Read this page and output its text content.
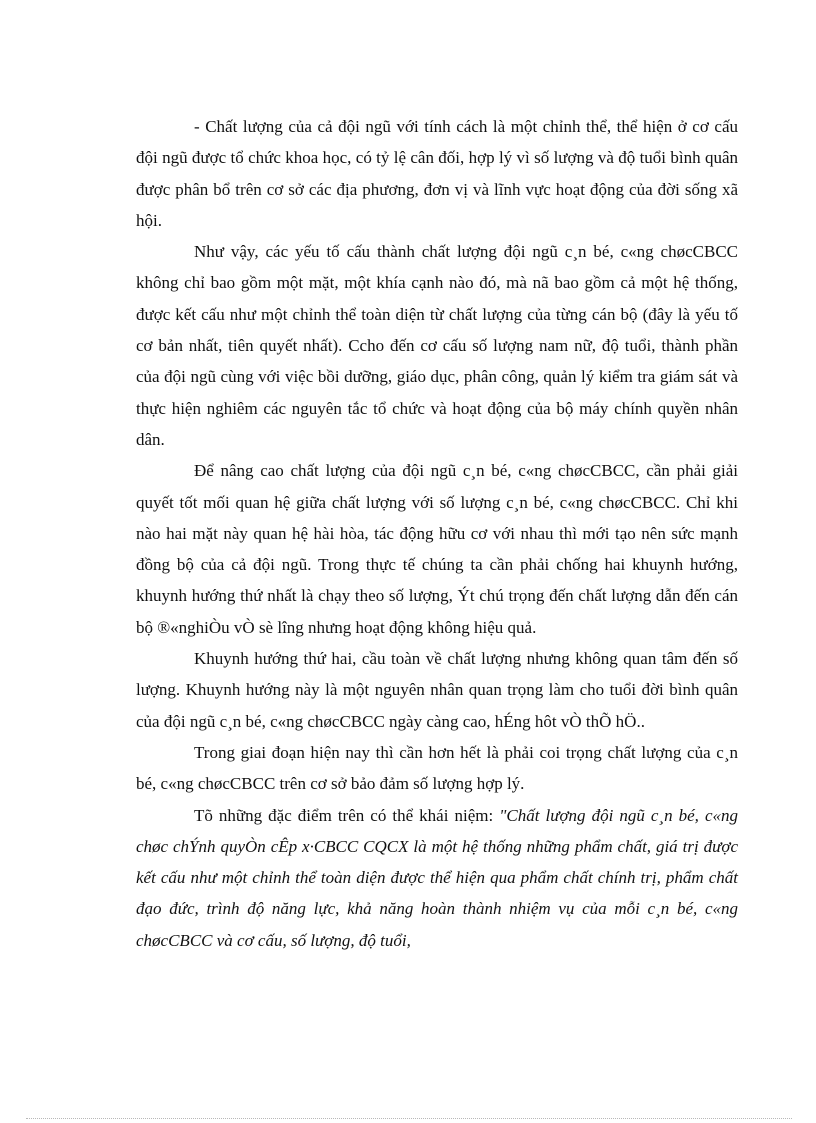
- Chất lượng của cả đội ngũ với tính cách là một chỉnh thể, thể hiện ở cơ cấu đội ngũ được tổ chức khoa học, có tỷ lệ cân đối, hợp lý vì số lượng và độ tuổi bình quân được phân bổ trên cơ sở các địa phương, đơn vị và lĩnh vực hoạt động của đời sống xã hội.

Như vậy, các yếu tố cấu thành chất lượng đội ngũ c¸n bé, c«ng chøcCBCC không chỉ bao gồm một mặt, một khía cạnh nào đó, mà nã bao gồm cả một hệ thống, được kết cấu như một chỉnh thể toàn diện từ chất lượng của từng cán bộ (đây là yếu tố cơ bản nhất, tiên quyết nhất). Ccho đến cơ cấu số lượng nam nữ, độ tuổi, thành phần của đội ngũ cùng với việc bồi dưỡng, giáo dục, phân công, quản lý kiểm tra giám sát và thực hiện nghiêm các nguyên tắc tổ chức và hoạt động của bộ máy chính quyền nhân dân.

Để nâng cao chất lượng của đội ngũ c¸n bé, c«ng chøcCBCC, cần phải giải quyết tốt mối quan hệ giữa chất lượng với số lượng c¸n bé, c«ng chøcCBCC. Chỉ khi nào hai mặt này quan hệ hài hòa, tác động hữu cơ với nhau thì mới tạo nên sức mạnh đồng bộ của cả đội ngũ. Trong thực tế chúng ta cần phải chống hai khuynh hướng, khuynh hướng thứ nhất là chạy theo số lượng, Ýt chú trọng đến chất lượng dẫn đến cán bộ ®«nghiÒu vÒ sè lîng nhưng hoạt động không hiệu quả.

Khuynh hướng thứ hai, cầu toàn về chất lượng nhưng không quan tâm đến số lượng. Khuynh hướng này là một nguyên nhân quan trọng làm cho tuổi đời bình quân của đội ngũ c¸n bé, c«ng chøcCBCC ngày càng cao, hÉng hôt vÒ thÕ hÖ..

Trong giai đoạn hiện nay thì cần hơn hết là phải coi trọng chất lượng của c¸n bé, c«ng chøcCBCC trên cơ sở bảo đảm số lượng hợp lý.

Tõ những đặc điểm trên có thể khái niệm: "Chất lượng đội ngũ c¸n bé, c«ng chøc chÝnh quyÒn cÊp x·CBCC CQCX là một hệ thống những phẩm chất, giá trị được kết cấu như một chỉnh thể toàn diện được thể hiện qua phẩm chất chính trị, phẩm chất đạo đức, trình độ năng lực, khả năng hoàn thành nhiệm vụ của mỗi c¸n bé, c«ng chøcCBCC và cơ cấu, số lượng, độ tuổi,
